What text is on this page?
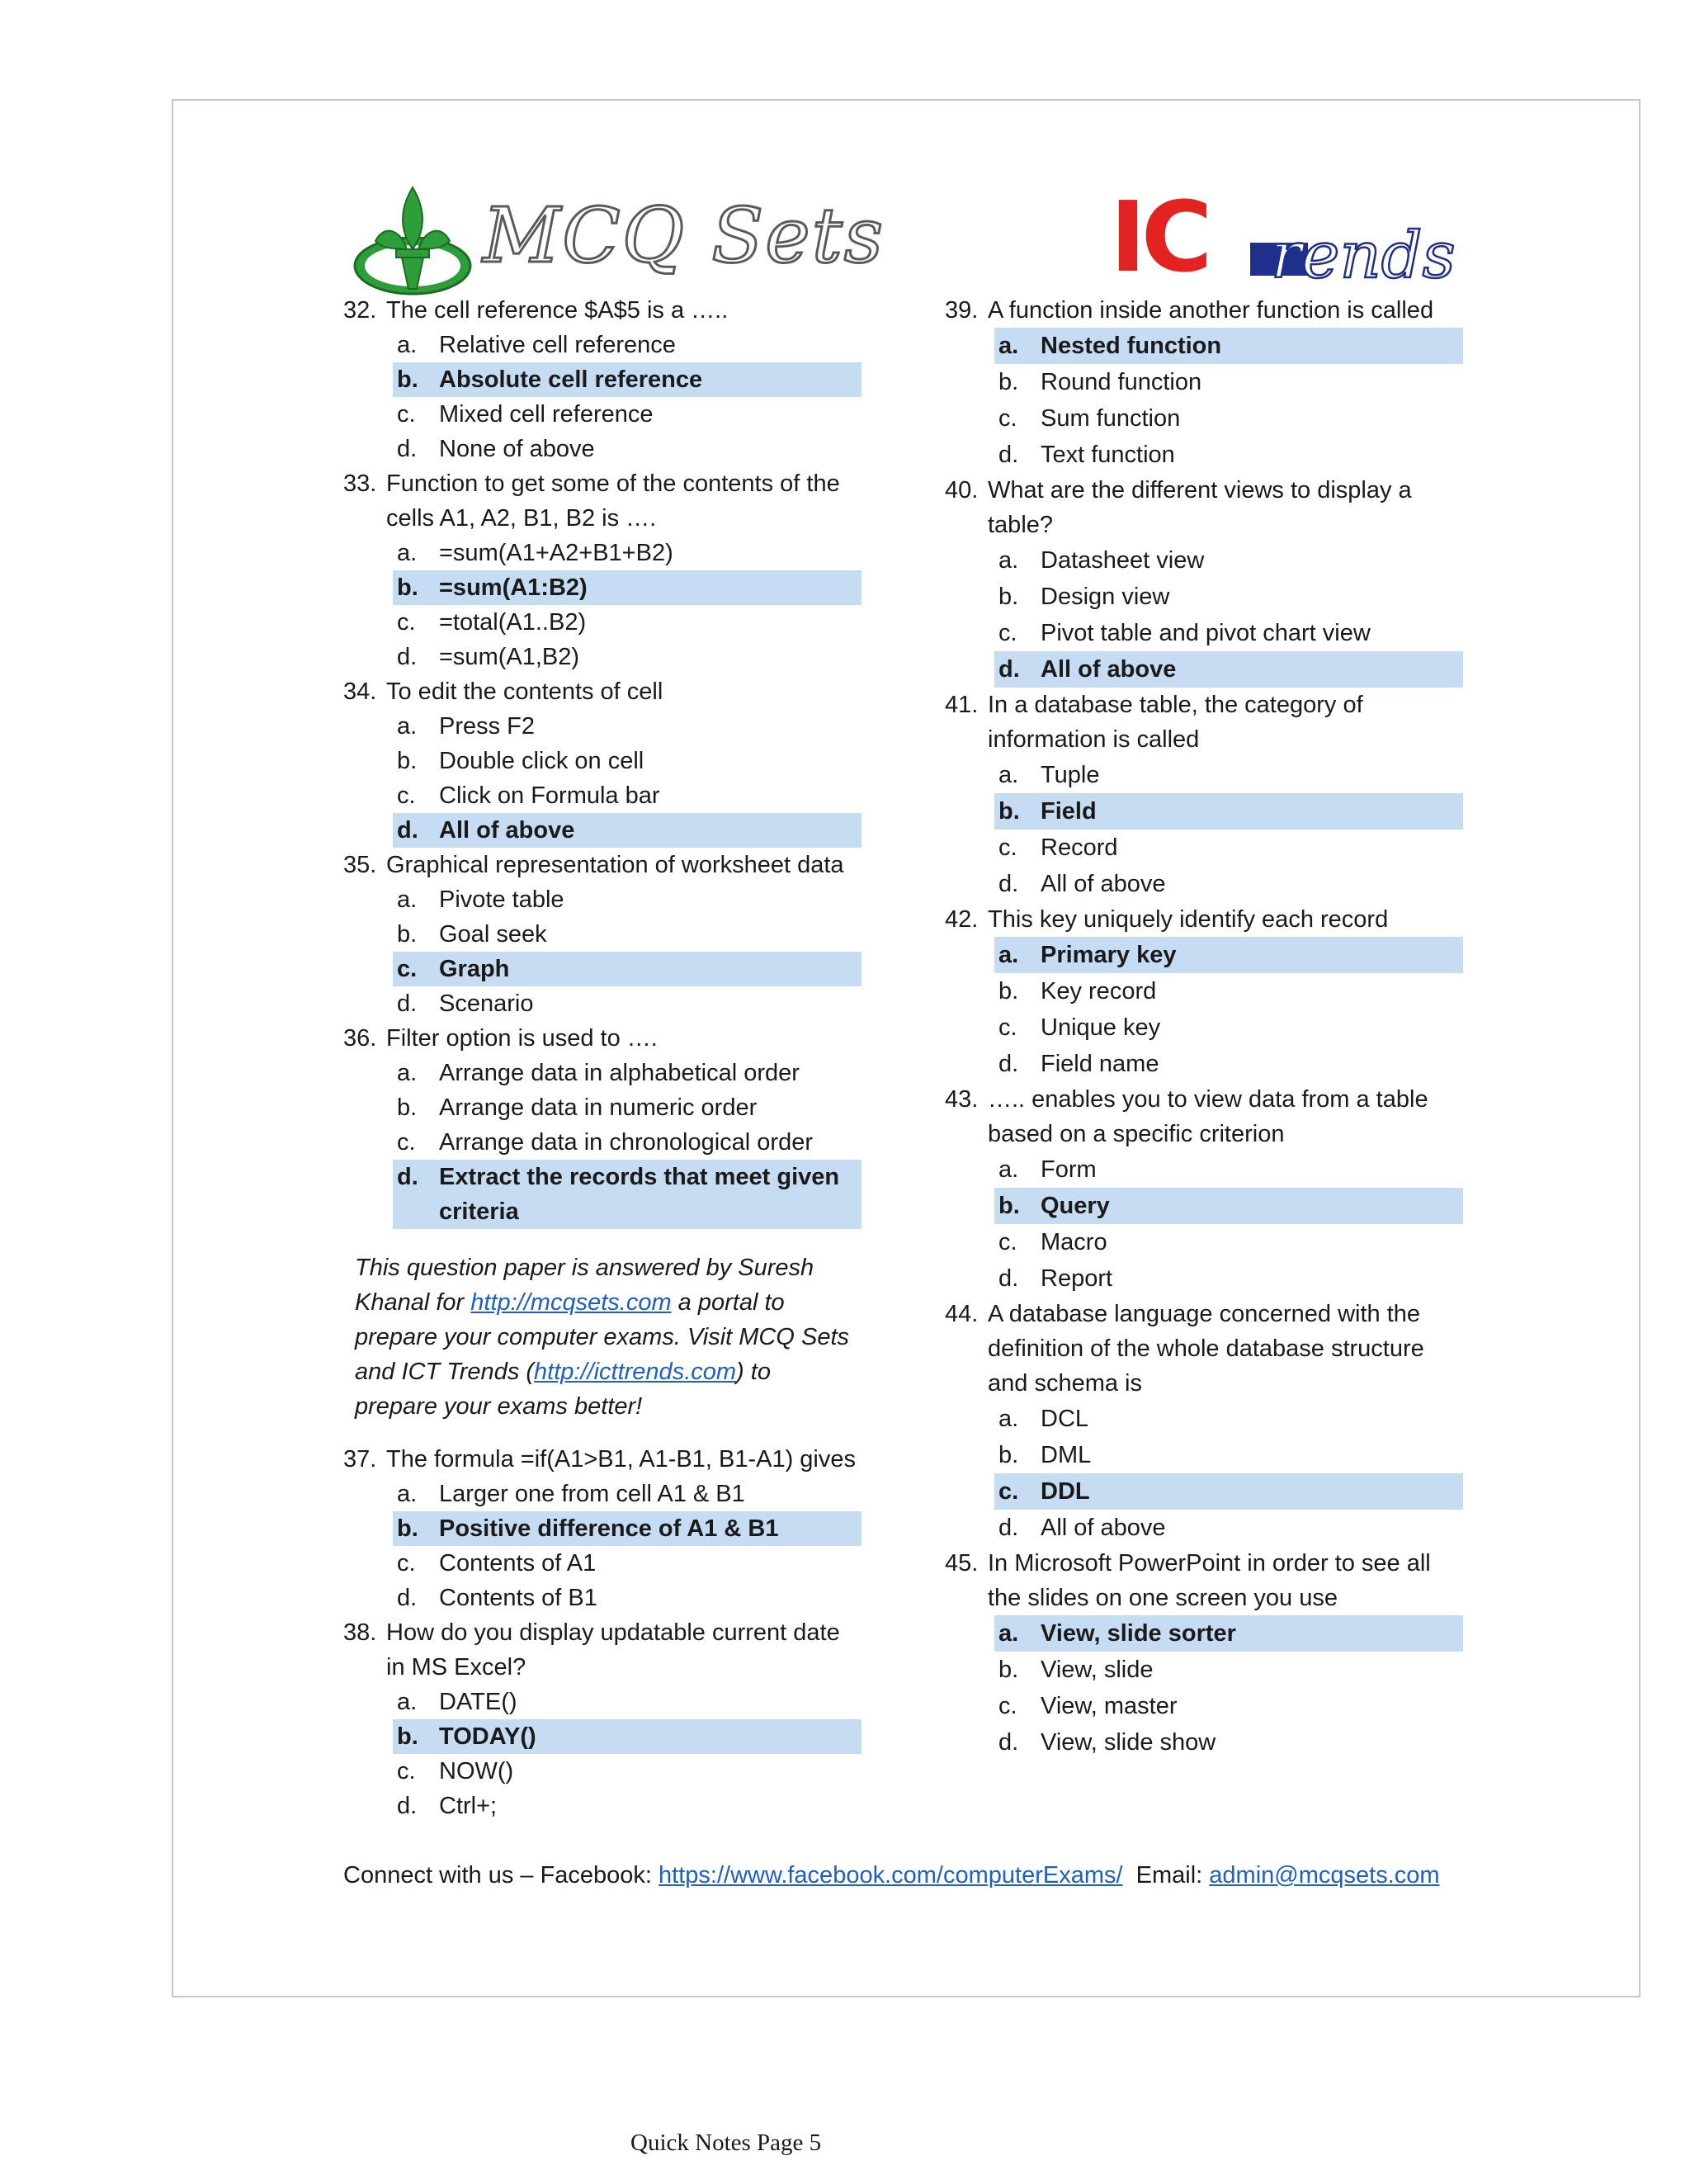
MCQ Sets IC rends
32. The cell reference $A$5 is a …..
a. Relative cell reference
b. Absolute cell reference
c. Mixed cell reference
d. None of above
33. Function to get some of the contents of the
cells A1, A2, B1, B2 is ….
a. =sum(A1+A2+B1+B2)
b. =sum(A1:B2)
c. =total(A1..B2)
d. =sum(A1,B2)
34. To edit the contents of cell
a. Press F2
b. Double click on cell
c. Click on Formula bar
d. All of above
35. Graphical representation of worksheet data
a. Pivote table
b. Goal seek
c. Graph
d. Scenario
36. Filter option is used to ….
a. Arrange data in alphabetical order
b. Arrange data in numeric order
c. Arrange data in chronological order
d. Extract the records that meet given criteria
This question paper is answered by Suresh Khanal for http://mcqsets.com a portal to prepare your computer exams. Visit MCQ Sets and ICT Trends (http://icttrends.com) to prepare your exams better!
37. The formula =if(A1>B1, A1-B1, B1-A1) gives
a. Larger one from cell A1 & B1
b. Positive difference of A1 & B1
c. Contents of A1
d. Contents of B1
38. How do you display updatable current date
in MS Excel?
a. DATE()
b. TODAY()
c. NOW()
d. Ctrl+;
39. A function inside another function is called
a. Nested function
b. Round function
c. Sum function
d. Text function
40. What are the different views to display a
table?
a. Datasheet view
b. Design view
c. Pivot table and pivot chart view
d. All of above
41. In a database table, the category of
information is called
a. Tuple
b. Field
c. Record
d. All of above
42. This key uniquely identify each record
a. Primary key
b. Key record
c. Unique key
d. Field name
43. ….. enables you to view data from a table
based on a specific criterion
a. Form
b. Query
c. Macro
d. Report
44. A database language concerned with the
definition of the whole database structure
and schema is
a. DCL
b. DML
c. DDL
d. All of above
45. In Microsoft PowerPoint in order to see all
the slides on one screen you use
a. View, slide sorter
b. View, slide
c. View, master
d. View, slide show
Connect with us – Facebook: https://www.facebook.com/computerExams/  Email: admin@mcqsets.com
Quick Notes Page 5
